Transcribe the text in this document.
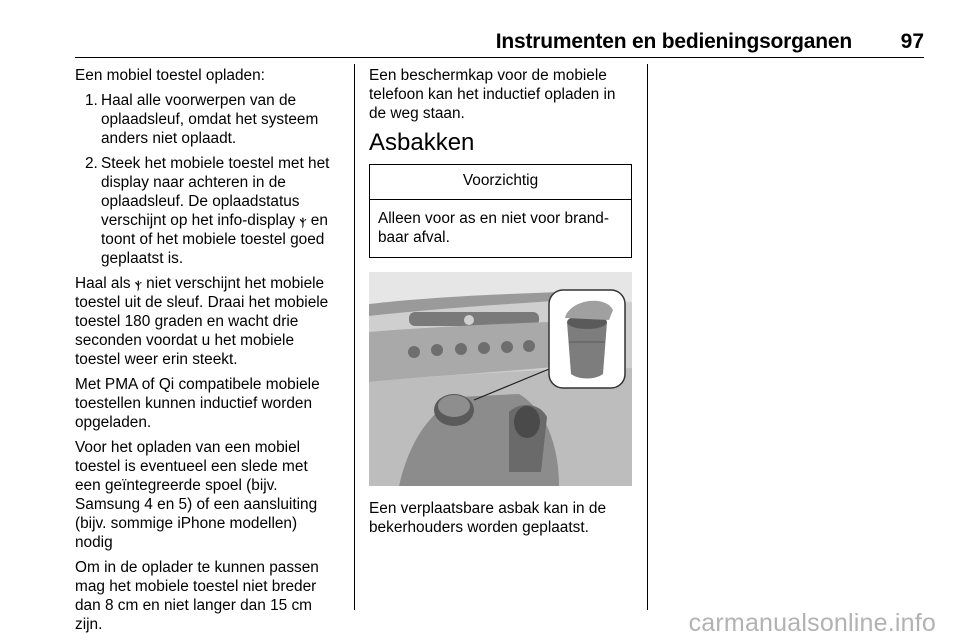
Instrumenten en bedieningsorganen 97

Een mobiel toestel opladen:

1. Haal alle voorwerpen van de
oplaadsleuf, omdat het systeem
anders niet oplaadt.
2. Steek het mobiele toestel met het
display naar achteren in de
oplaadsleuf. De oplaadstatus
verschijnt op het info-display ⲯ en
toont of het mobiele toestel goed
geplaatst is.

Haal als ⲯ niet verschijnt het mobiele
toestel uit de sleuf. Draai het mobiele
toestel 180 graden en wacht drie
seconden voordat u het mobiele
toestel weer erin steekt.

Met PMA of Qi compatibele mobiele
toestellen kunnen inductief worden
opgeladen.

Voor het opladen van een mobiel
toestel is eventueel een slede met
een geïntegreerde spoel (bijv.
Samsung 4 en 5) of een aansluiting
(bijv. sommige iPhone modellen)
nodig

Om in de oplader te kunnen passen
mag het mobiele toestel niet breder
dan 8 cm en niet langer dan 15 cm
zijn.

Een beschermkap voor de mobiele
telefoon kan het inductief opladen in
de weg staan.

Asbakken
Voorzichtig
Alleen voor as en niet voor brand-
baar afval.
Een verplaatsbare asbak kan in de
bekerhouders worden geplaatst.
carmanualsonline.info
